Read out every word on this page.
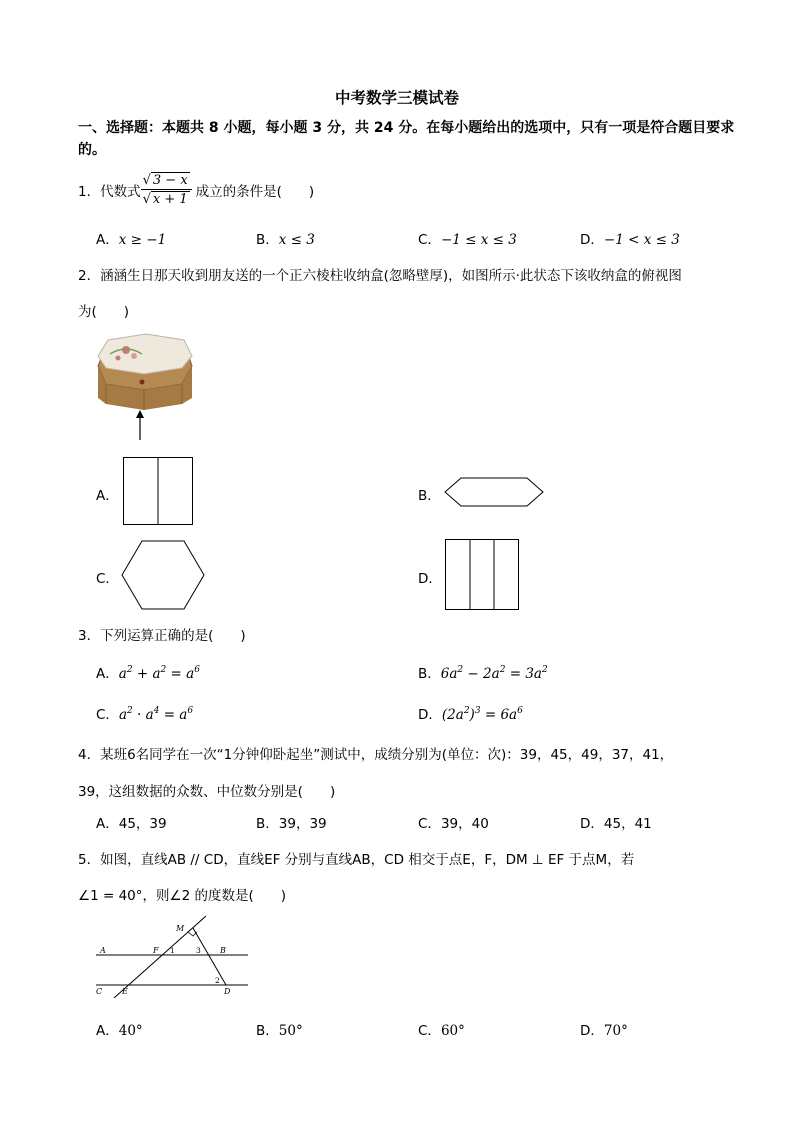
中考数学三模试卷
一、选择题：本题共 8 小题，每小题 3 分，共 24 分。在每小题给出的选项中，只有一项是符合题目要求的。
1． 代数式 $\frac{√ 3 - x}{√ x + 1}$ 成立的条件是(　　)
A．x ≥ −1	B．x ≤ 3	C．−1 ≤ x ≤ 3	D．−1 < x ≤ 3
2．涵涵生日那天收到朋友送的一个正六棱柱收纳盒(忽略壁厚)，如图所示·此状态下该收纳盒的俯视图
为(　　)
A．	B．
C．	D．
3．下列运算正确的是(　　)
A．$a^2 + a^2 = a^6$	B．$6a^2 - 2a^2 = 3a^2$
C．$a^2 \cdot a^4 = a^6$	D．$(2a^2)^3 = 6a^6$
4．某班6名同学在一次“1分钟仰卧起坐”测试中，成绩分别为(单位：次)：39，45，49，37，41，
39，这组数据的众数、中位数分别是(　　)
A．45，39	B．39，39	C．39，40	D．45，41
5．如图，直线AB // CD，直线EF 分别与直线AB，CD 相交于点E，F，DM ⊥ EF 于点M，若
∠1 = 40°，则∠2 的度数是(　　)
M
A	F	B
C E	D
1	3
2
A．40°	B．50°	C．60°	D．70°
